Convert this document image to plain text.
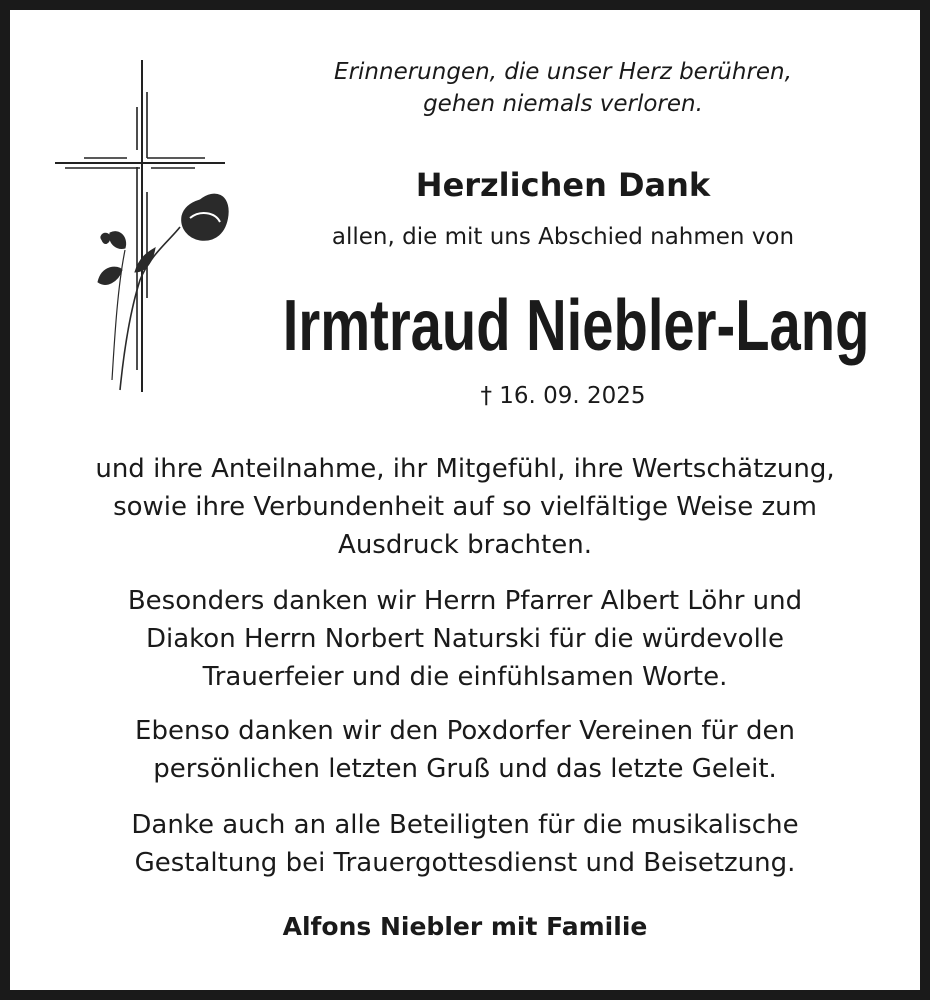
Erinnerungen, die unser Herz berühren,
gehen niemals verloren.
Herzlichen Dank
allen, die mit uns Abschied nahmen von
Irmtraud Niebler-Lang
† 16. 09. 2025
und ihre Anteilnahme, ihr Mitgefühl, ihre Wertschätzung,
sowie ihre Verbundenheit auf so vielfältige Weise zum
Ausdruck brachten.
Besonders danken wir Herrn Pfarrer Albert Löhr und
Diakon Herrn Norbert Naturski für die würdevolle
Trauerfeier und die einfühlsamen Worte.
Ebenso danken wir den Poxdorfer Vereinen für den
persönlichen letzten Gruß und das letzte Geleit.
Danke auch an alle Beteiligten für die musikalische
Gestaltung bei Trauergottesdienst und Beisetzung.
Alfons Niebler mit Familie
